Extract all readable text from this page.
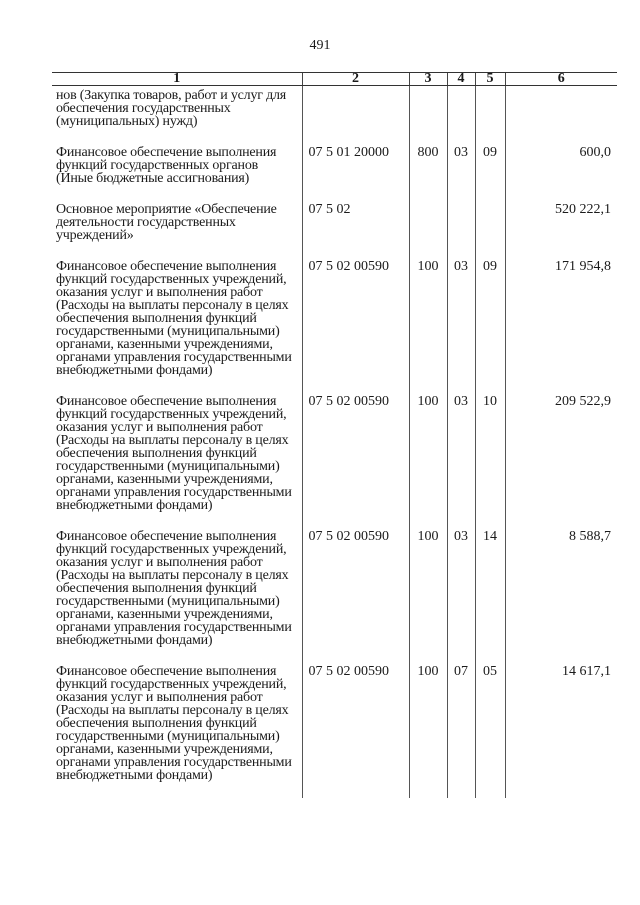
491
1	2	3	4	5	6
нов (Закупка товаров, работ и услуг для обеспечения государственных (муниципальных) нужд)					
Финансовое обеспечение выполнения функций государственных органов (Иные бюджетные ассигнования)	07 5 01 20000	800	03	09	600,0
Основное мероприятие «Обеспечение деятельности государственных учреждений»	07 5 02				520 222,1
Финансовое обеспечение выполнения функций государственных учреждений, оказания услуг и выполнения работ (Расходы на выплаты персоналу в целях обеспечения выполнения функций государственными (муниципальными) органами, казенными учреждениями, органами управления государственными внебюджетными фондами)	07 5 02 00590	100	03	09	171 954,8
Финансовое обеспечение выполнения функций государственных учреждений, оказания услуг и выполнения работ (Расходы на выплаты персоналу в целях обеспечения выполнения функций государственными (муниципальными) органами, казенными учреждениями, органами управления государственными внебюджетными фондами)	07 5 02 00590	100	03	10	209 522,9
Финансовое обеспечение выполнения функций государственных учреждений, оказания услуг и выполнения работ (Расходы на выплаты персоналу в целях обеспечения выполнения функций государственными (муниципальными) органами, казенными учреждениями, органами управления государственными внебюджетными фондами)	07 5 02 00590	100	03	14	8 588,7
Финансовое обеспечение выполнения функций государственных учреждений, оказания услуг и выполнения работ (Расходы на выплаты персоналу в целях обеспечения выполнения функций государственными (муниципальными) органами, казенными учреждениями, органами управления государственными внебюджетными фондами)	07 5 02 00590	100	07	05	14 617,1
